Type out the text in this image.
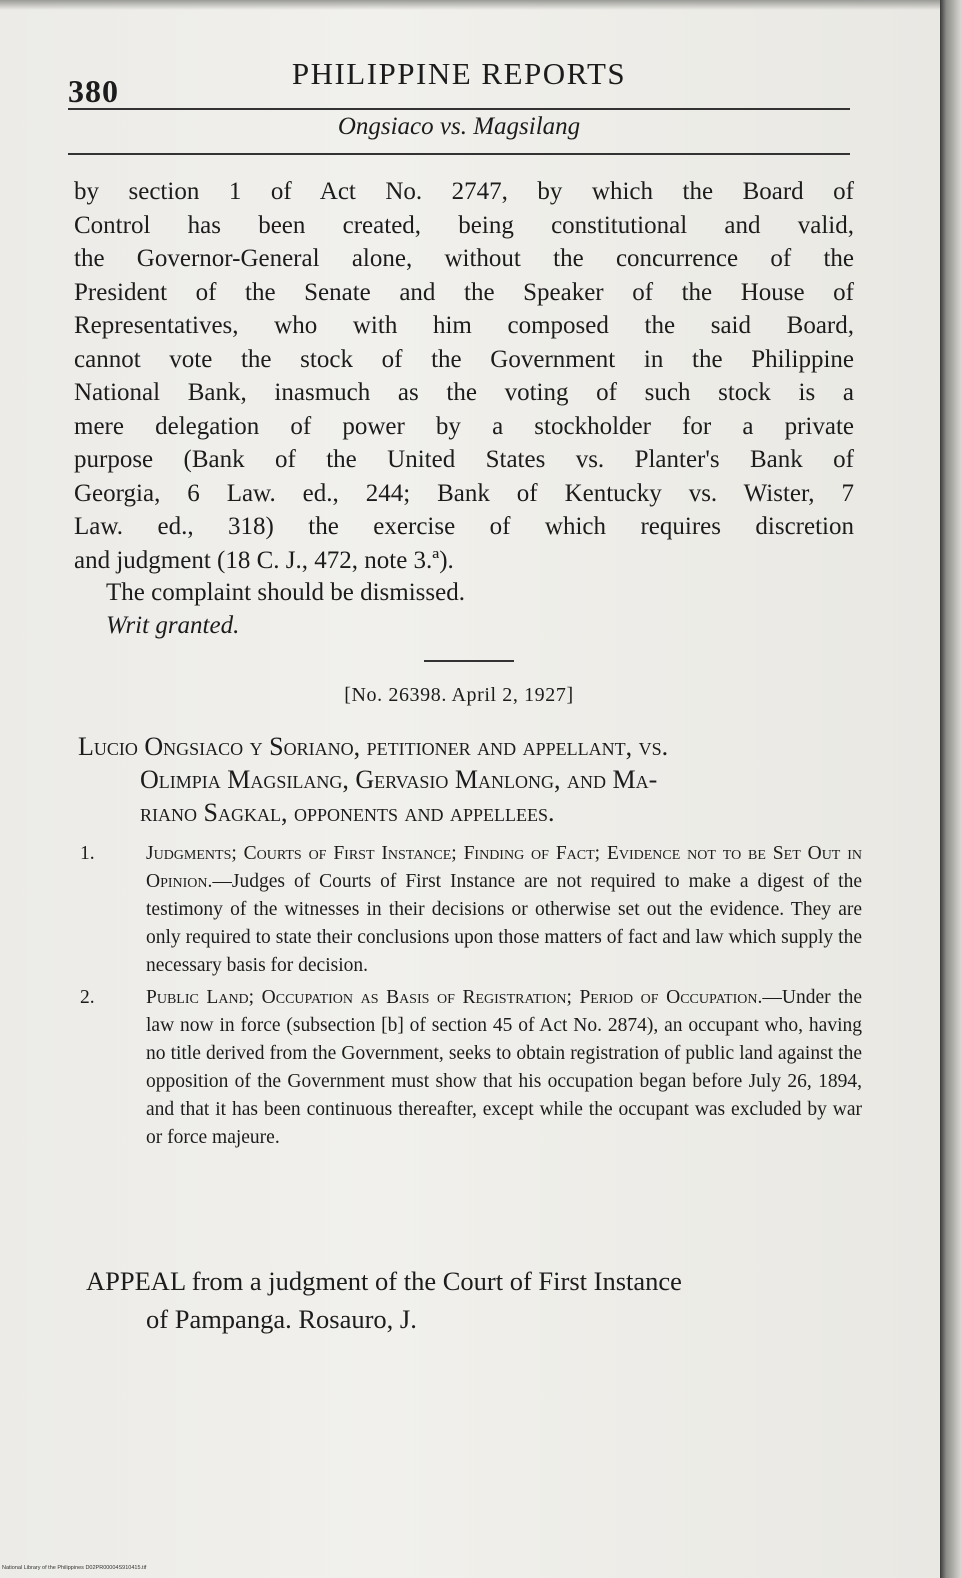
380	PHILIPPINE REPORTS
Ongsiaco vs. Magsilang
by section 1 of Act No. 2747, by which the Board of
Control has been created, being constitutional and valid,
the Governor-General alone, without the concurrence of the
President of the Senate and the Speaker of the House of
Representatives, who with him composed the said Board,
cannot vote the stock of the Government in the Philippine
National Bank, inasmuch as the voting of such stock is a
mere delegation of power by a stockholder for a private
purpose (Bank of the United States vs. Planter's Bank of
Georgia, 6 Law. ed., 244; Bank of Kentucky vs. Wister, 7
Law. ed., 318) the exercise of which requires discretion
and judgment (18 C. J., 472, note 3.ª).
The complaint should be dismissed.
Writ granted.
[No. 26398. April 2, 1927]
Lucio Ongsiaco y Soriano, petitioner and appellant, vs.
Olimpia Magsilang, Gervasio Manlong, and Ma-
riano Sagkal, opponents and appellees.
1.	Judgments; Courts of First Instance; Finding of Fact; Evidence not to be Set Out in Opinion.—Judges of Courts of First Instance are not required to make a digest of the testimony of the witnesses in their decisions or otherwise set out the evidence. They are only required to state their conclusions upon those matters of fact and law which supply the necessary basis for decision.
2.	Public Land; Occupation as Basis of Registration; Period of Occupation.—Under the law now in force (subsection [b] of section 45 of Act No. 2874), an occupant who, having no title derived from the Government, seeks to obtain registration of public land against the opposition of the Government must show that his occupation began before July 26, 1894, and that it has been continuous thereafter, except while the occupant was excluded by war or force majeure.
APPEAL from a judgment of the Court of First Instance
of Pampanga. Rosauro, J.
National Library of the Philippines D02PR00004S910415.tif
